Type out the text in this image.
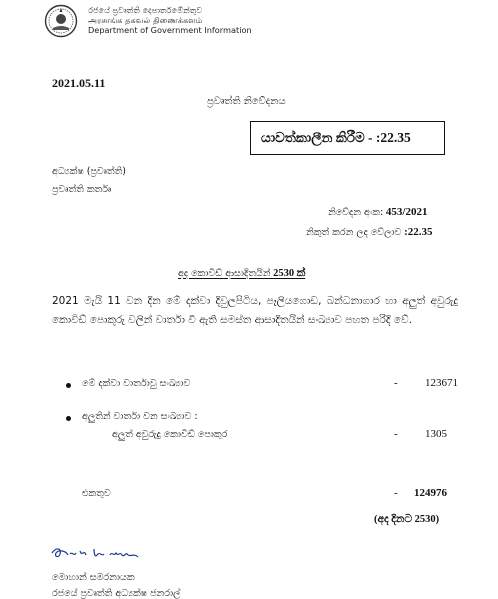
රජයේ ප්‍රවෘත්ති දෙපාර්තමේන්තුව
அரசாங்க தகவல் திணைக்களம்
Department of Government Information
2021.05.11
ප්‍රවෘත්ති නිවේදනය
යාවත්කාලීන කිරීම - :22.35
අධ්‍යක්ෂ (ප්‍රවෘත්ති)
ප්‍රවෘත්ති කර්තෘ
නිවේදන අංක: 453/2021
නිකුත් කරන ලද වේලාව :22.35
අද කොවිඩ් ආසාදිතයින් 2530 ක්
2021 මැයි 11 වන දින මේ දක්වා දිවුලපිටිය, පෑලියගොඩ, බන්ධනාගාර හා අලුත් අවුරුදු කොවිඩ් පොකුරු වලින් වාර්තා වී ඇති සමස්ත ආසාදිතයින් සංඛ්‍යාව පහත පරිදි වේ.
මේ දක්වා වාර්තාවු සංඛ්‍යාව	- 123671
අලුතින් වාර්තා වන සංඛ්‍යාව :
අලුත් අවුරුදු කොවිඩ් පොකුර	- 1305
එකතුව	- 124976
(අද දිනට 2530)
මොහාන් සමරනායක
රජයේ ප්‍රවෘත්ති අධ්‍යක්ෂ ජනරාල්
